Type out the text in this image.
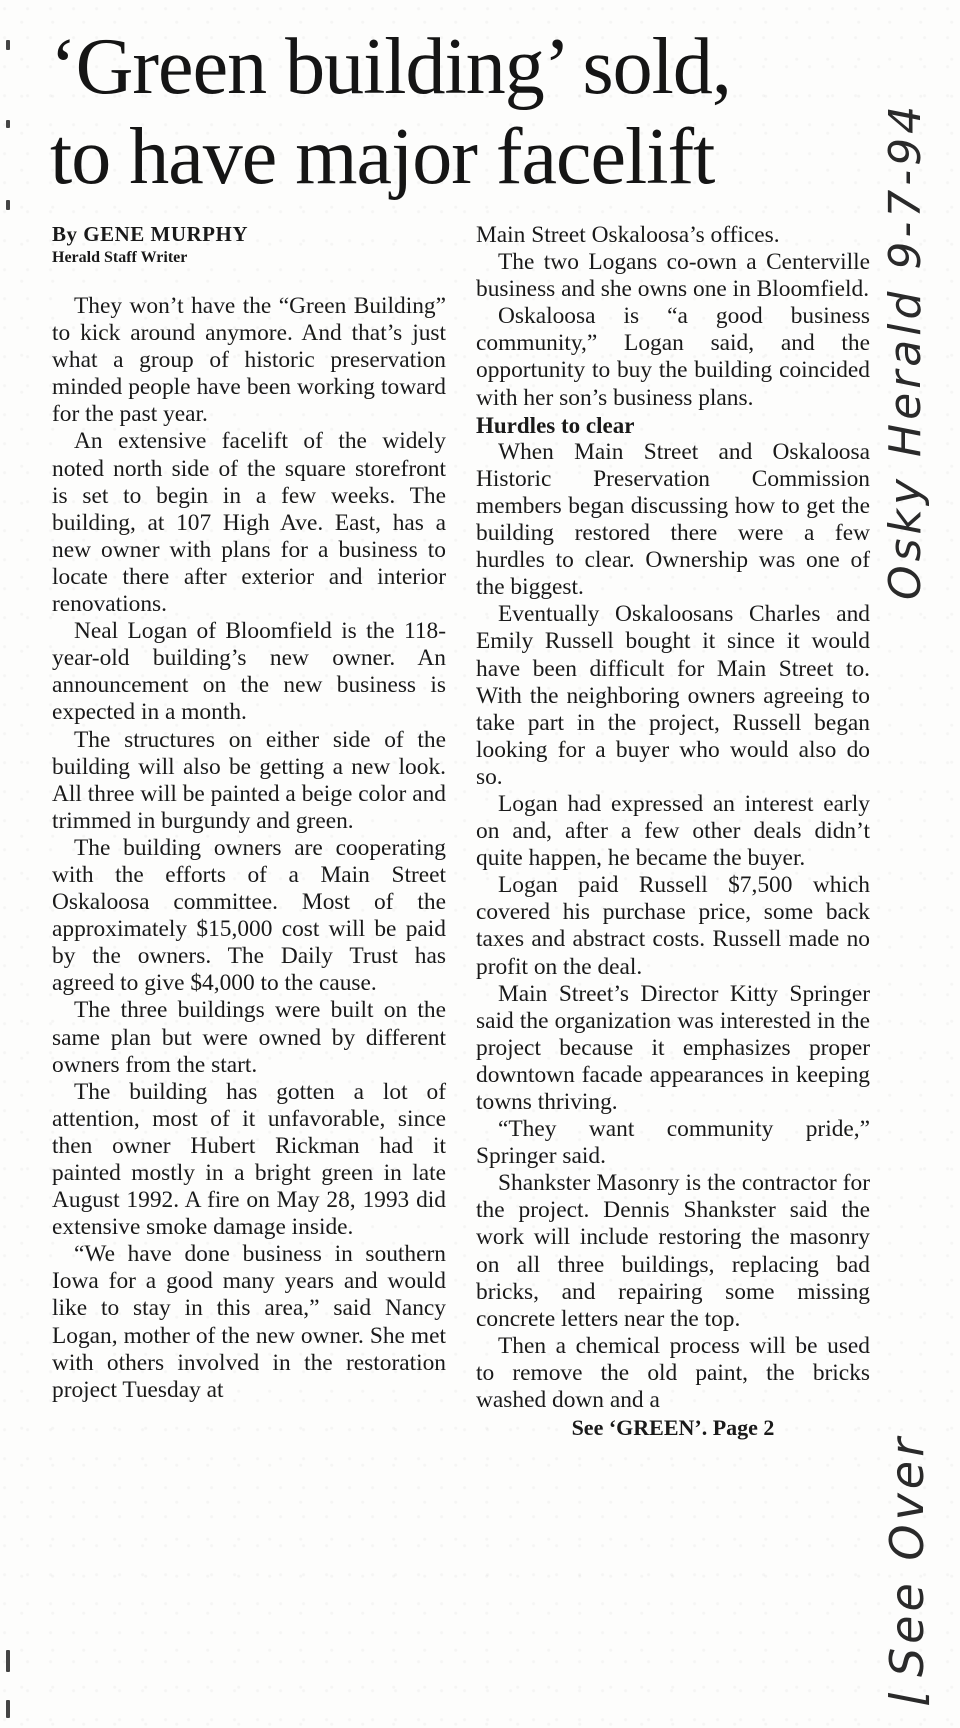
‘Green building’ sold,
to have major facelift

By GENE MURPHY

Herald Staff Writer

They won’t have the “Green Building” to kick around anymore. And that’s just what a group of historic preservation minded people have been working toward for the past year.

An extensive facelift of the widely noted north side of the square storefront is set to begin in a few weeks. The building, at 107 High Ave. East, has a new owner with plans for a business to locate there after exterior and interior renovations.

Neal Logan of Bloomfield is the 118-year-old building’s new owner. An announcement on the new business is expected in a month.

The structures on either side of the building will also be getting a new look. All three will be painted a beige color and trimmed in burgundy and green.

The building owners are cooperating with the efforts of a Main Street Oskaloosa committee. Most of the approximately $15,000 cost will be paid by the owners. The Daily Trust has agreed to give $4,000 to the cause.

The three buildings were built on the same plan but were owned by different owners from the start.

The building has gotten a lot of attention, most of it unfavorable, since then owner Hubert Rickman had it painted mostly in a bright green in late August 1992. A fire on May 28, 1993 did extensive smoke damage inside.

“We have done business in southern Iowa for a good many years and would like to stay in this area,” said Nancy Logan, mother of the new owner. She met with others involved in the restoration project Tuesday at

Main Street Oskaloosa’s offices.

The two Logans co-own a Centerville business and she owns one in Bloomfield.

Oskaloosa is “a good business community,” Logan said, and the opportunity to buy the building coincided with her son’s business plans.

Hurdles to clear

When Main Street and Oskaloosa Historic Preservation Commission members began discussing how to get the building restored there were a few hurdles to clear. Ownership was one of the biggest.

Eventually Oskaloosans Charles and Emily Russell bought it since it would have been difficult for Main Street to. With the neighboring owners agreeing to take part in the project, Russell began looking for a buyer who would also do so.

Logan had expressed an interest early on and, after a few other deals didn’t quite happen, he became the buyer.

Logan paid Russell $7,500 which covered his purchase price, some back taxes and abstract costs. Russell made no profit on the deal.

Main Street’s Director Kitty Springer said the organization was interested in the project because it emphasizes proper downtown facade appearances in keeping towns thriving.

“They want community pride,” Springer said.

Shankster Masonry is the contractor for the project. Dennis Shankster said the work will include restoring the masonry on all three buildings, replacing bad bricks, and repairing some missing concrete letters near the top.

Then a chemical process will be used to remove the old paint, the bricks washed down and a

See ‘GREEN’. Page 2

Osky Herald 9-7-94
⌊See Over
